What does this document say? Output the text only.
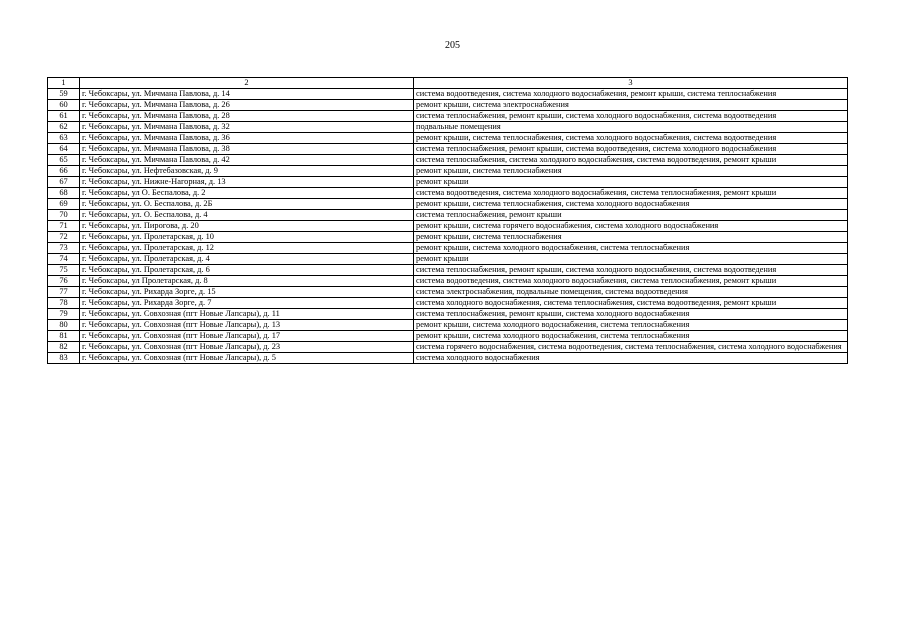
205
1	2	3
59	г. Чебоксары, ул. Мичмана Павлова, д. 14	система водоотведения, система холодного водоснабжения, ремонт крыши, система теплоснабжения
60	г. Чебоксары, ул. Мичмана Павлова, д. 26	ремонт крыши, система электроснабжения
61	г. Чебоксары, ул. Мичмана Павлова, д. 28	система теплоснабжения, ремонт крыши, система холодного водоснабжения, система водоотведения
62	г. Чебоксары, ул. Мичмана Павлова, д. 32	подвальные помещения
63	г. Чебоксары, ул. Мичмана Павлова, д. 36	ремонт крыши, система теплоснабжения, система холодного водоснабжения, система водоотведения
64	г. Чебоксары, ул. Мичмана Павлова, д. 38	система теплоснабжения, ремонт крыши, система водоотведения, система холодного водоснабжения
65	г. Чебоксары, ул. Мичмана Павлова, д. 42	система теплоснабжения, система холодного водоснабжения, система водоотведения, ремонт крыши
66	г. Чебоксары, ул. Нефтебазовская, д. 9	ремонт крыши, система теплоснабжения
67	г. Чебоксары, ул. Нижне-Нагорная, д. 13	ремонт крыши
68	г. Чебоксары, ул О. Беспалова, д. 2	система водоотведения, система холодного водоснабжения, система теплоснабжения, ремонт крыши
69	г. Чебоксары, ул. О. Беспалова, д. 2Б	ремонт крыши, система теплоснабжения, система холодного водоснабжения
70	г. Чебоксары, ул. О. Беспалова, д. 4	система теплоснабжения, ремонт крыши
71	г. Чебоксары, ул. Пирогова, д. 20	ремонт крыши, система горячего водоснабжения, система холодного водоснабжения
72	г. Чебоксары, ул. Пролетарская, д. 10	ремонт крыши, система теплоснабжения
73	г. Чебоксары, ул. Пролетарская, д. 12	ремонт крыши, система холодного водоснабжения, система теплоснабжения
74	г. Чебоксары, ул. Пролетарская, д. 4	ремонт крыши
75	г. Чебоксары, ул. Пролетарская, д. 6	система теплоснабжения, ремонт крыши, система холодного водоснабжения, система водоотведения
76	г. Чебоксары, ул Пролетарская, д. 8	система водоотведения, система холодного водоснабжения, система теплоснабжения, ремонт крыши
77	г. Чебоксары, ул. Рихарда Зорге, д. 15	система электроснабжения, подвальные помещения, система водоотведения
78	г. Чебоксары, ул. Рихарда Зорге, д. 7	система холодного водоснабжения, система теплоснабжения, система водоотведения, ремонт крыши
79	г. Чебоксары, ул. Совхозная (пгт Новые Лапсары), д. 11	система теплоснабжения, ремонт крыши, система холодного водоснабжения
80	г. Чебоксары, ул. Совхозная (пгт Новые Лапсары), д. 13	ремонт крыши, система холодного водоснабжения, система теплоснабжения
81	г. Чебоксары, ул. Совхозная (пгт Новые Лапсары), д. 17	ремонт крыши, система холодного водоснабжения, система теплоснабжения
82	г. Чебоксары, ул. Совхозная (пгт Новые Лапсары), д. 23	система горячего водоснабжения, система водоотведения, система теплоснабжения, система холодного водоснабжения
83	г. Чебоксары, ул. Совхозная (пгт Новые Лапсары), д. 5	система холодного водоснабжения
